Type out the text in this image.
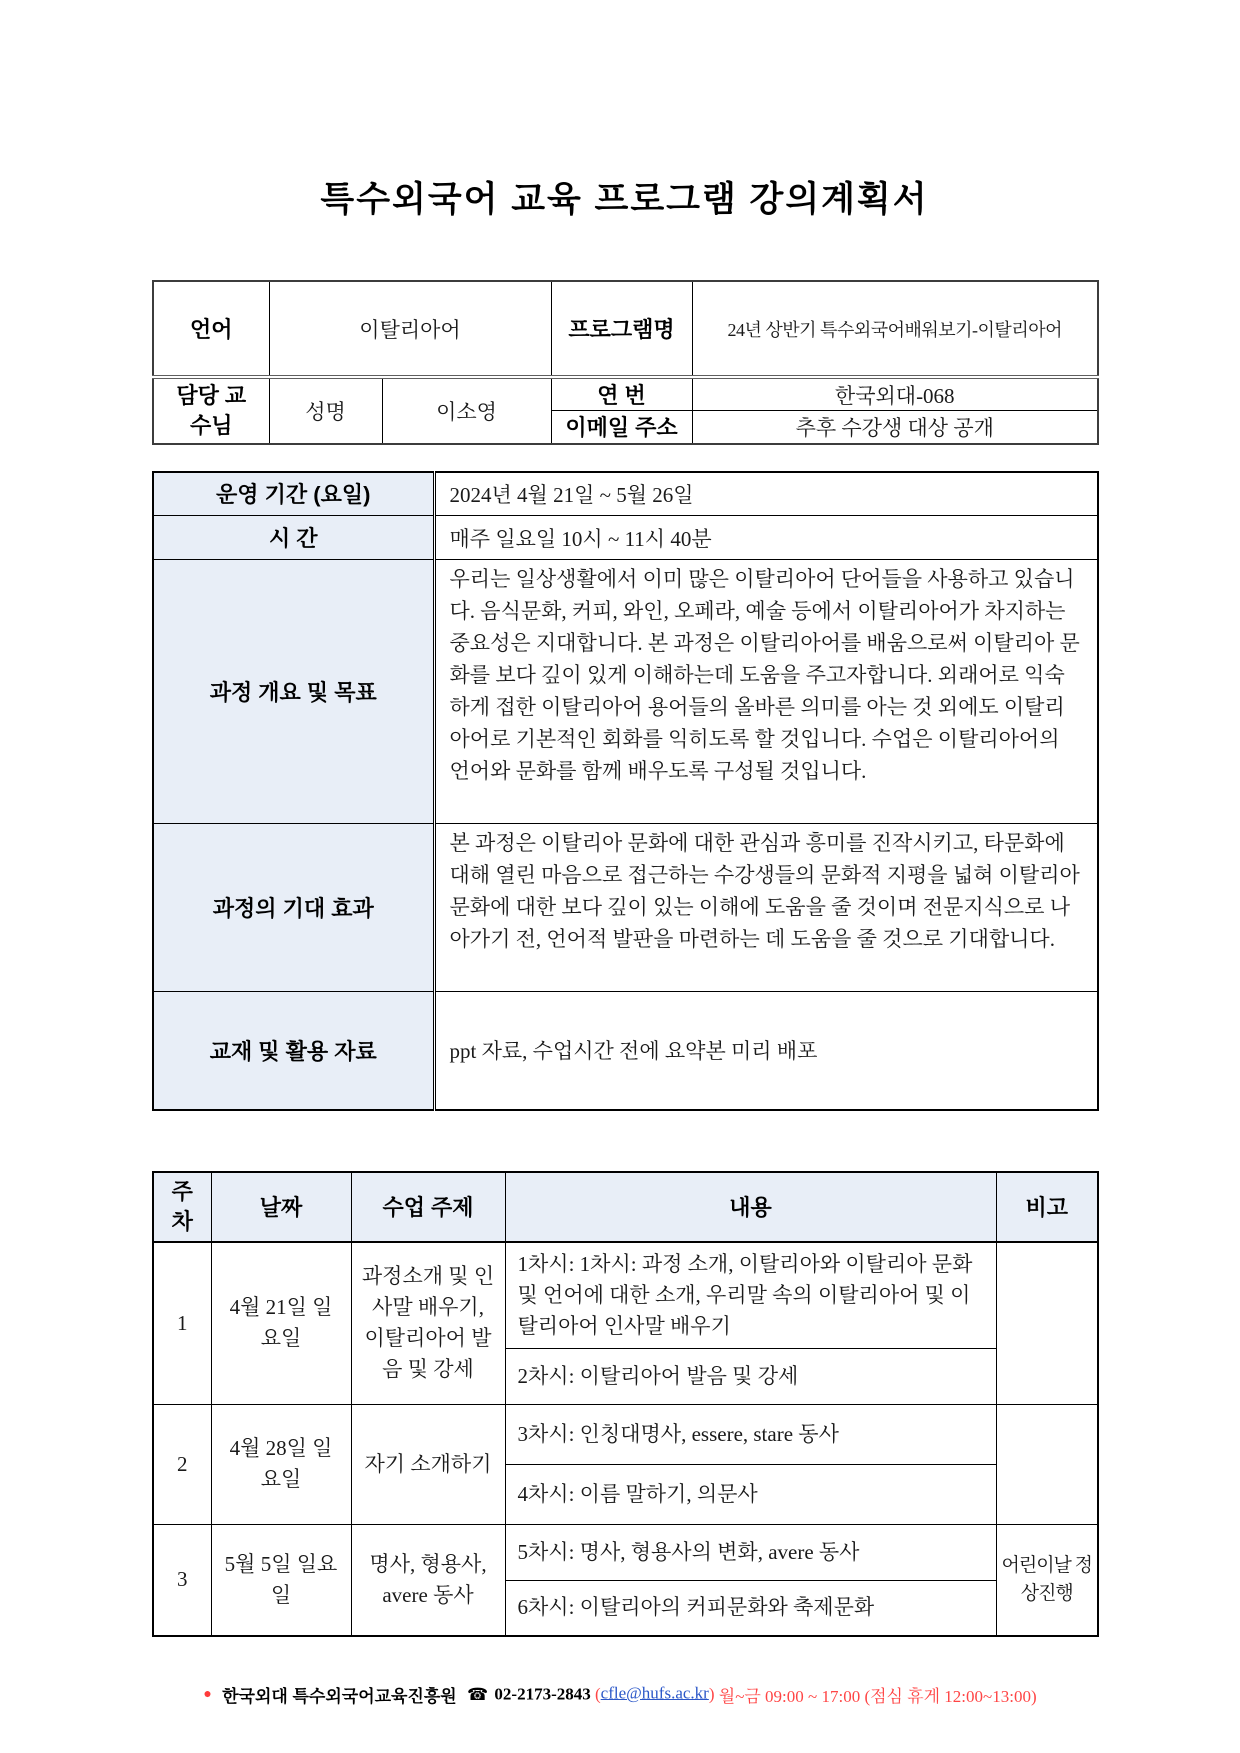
특수외국어 교육 프로그램 강의계획서
언어	이탈리아어		프로그램명	24년 상반기 특수외국어배워보기-이탈리아어
담당 교수님	성명	이소영	연 번	한국외대-068
			이메일 주소	추후 수강생 대상 공개
운영 기간 (요일)	2024년 4월 21일 ~ 5월 26일
시 간	매주 일요일 10시 ~ 11시 40분
과정 개요 및 목표	우리는 일상생활에서 이미 많은 이탈리아어 단어들을 사용하고 있습니다. 음식문화, 커피, 와인, 오페라, 예술 등에서 이탈리아어가 차지하는 중요성은 지대합니다. 본 과정은 이탈리아어를 배움으로써 이탈리아 문화를 보다 깊이 있게 이해하는데 도움을 주고자합니다. 외래어로 익숙하게 접한 이탈리아어 용어들의 올바른 의미를 아는 것 외에도 이탈리아어로 기본적인 회화를 익히도록 할 것입니다. 수업은 이탈리아어의 언어와 문화를 함께 배우도록 구성될 것입니다.
과정의 기대 효과	본 과정은 이탈리아 문화에 대한 관심과 흥미를 진작시키고, 타문화에 대해 열린 마음으로 접근하는 수강생들의 문화적 지평을 넓혀 이탈리아 문화에 대한 보다 깊이 있는 이해에 도움을 줄 것이며 전문지식으로 나아가기 전, 언어적 발판을 마련하는 데 도움을 줄 것으로 기대합니다.
교재 및 활용 자료	ppt 자료, 수업시간 전에 요약본 미리 배포
주차	날짜	수업 주제	내용	비고
1	4월 21일 일요일	과정소개 및 인사말 배우기, 이탈리아어 발음 및 강세	1차시: 1차시: 과정 소개, 이탈리아와 이탈리아 문화 및 언어에 대한 소개, 우리말 속의 이탈리아어 및 이탈리아어 인사말 배우기	
			2차시: 이탈리아어 발음 및 강세	
2	4월 28일 일요일	자기 소개하기	3차시: 인칭대명사, essere, stare 동사	
			4차시: 이름 말하기, 의문사	
3	5월 5일 일요일	명사, 형용사, avere 동사	5차시: 명사, 형용사의 변화, avere 동사	어린이날 정상진행
			6차시: 이탈리아의 커피문화와 축제문화	
● 한국외대 특수외국어교육진흥원 ☎ 02-2173-2843 (cfle@hufs.ac.kr) 월~금 09:00 ~ 17:00 (점심 휴게 12:00~13:00)
